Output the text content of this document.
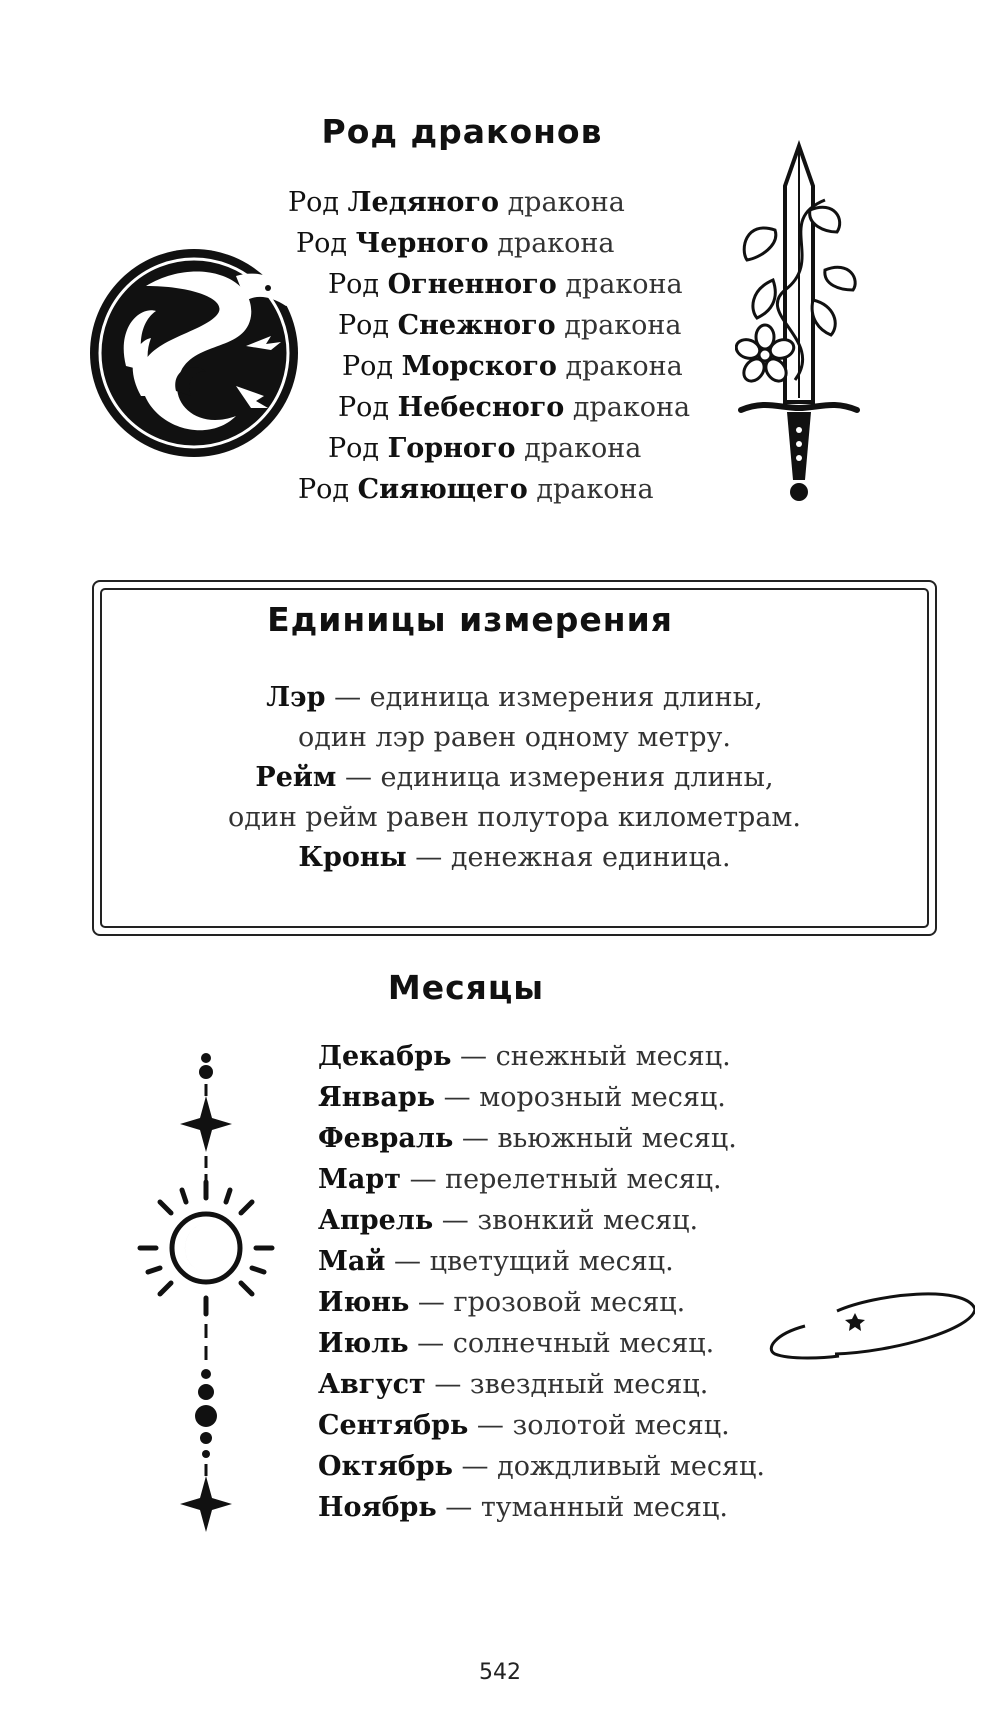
Род драконов
Род Ледяного дракона
Род Черного дракона
Род Огненного дракона
Род Снежного дракона
Род Морского дракона
Род Небесного дракона
Род Горного дракона
Род Сияющего дракона
Единицы измерения
Лэр — единица измерения длины,
один лэр равен одному метру.
Рейм — единица измерения длины,
один рейм равен полутора километрам.
Кроны — денежная единица.
Месяцы
Декабрь — снежный месяц.
Январь — морозный месяц.
Февраль — вьюжный месяц.
Март — перелетный месяц.
Апрель — звонкий месяц.
Май — цветущий месяц.
Июнь — грозовой месяц.
Июль — солнечный месяц.
Август — звездный месяц.
Сентябрь — золотой месяц.
Октябрь — дождливый месяц.
Ноябрь — туманный месяц.
542
